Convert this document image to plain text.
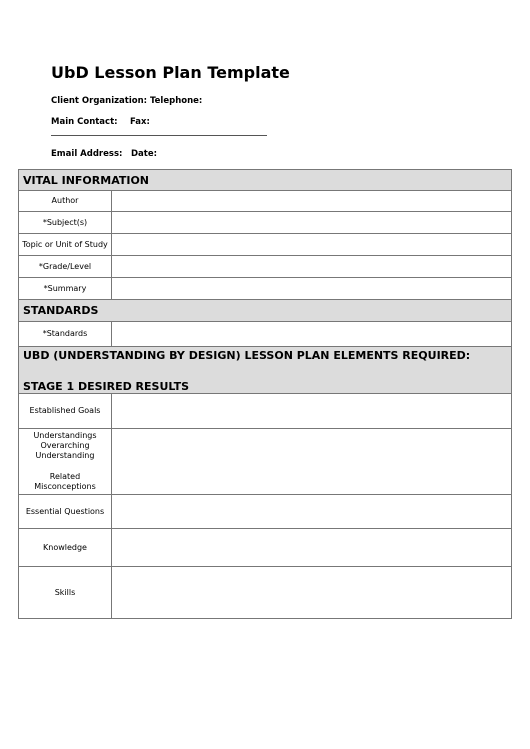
UbD Lesson Plan Template
Client Organization: Telephone:
Main Contact: Fax:
Email Address: Date:
VITAL INFORMATION	
Author	
*Subject(s)	
Topic or Unit of Study	
*Grade/Level	
*Summary	
STANDARDS	
*Standards	

UBD (UNDERSTANDING BY DESIGN) LESSON PLAN ELEMENTS REQUIRED:
STAGE 1 DESIRED RESULTS	

Established Goals	

Understandings
Overarching
Understanding
Related
Misconceptions	

Essential Questions	
Knowledge	
Skills	
